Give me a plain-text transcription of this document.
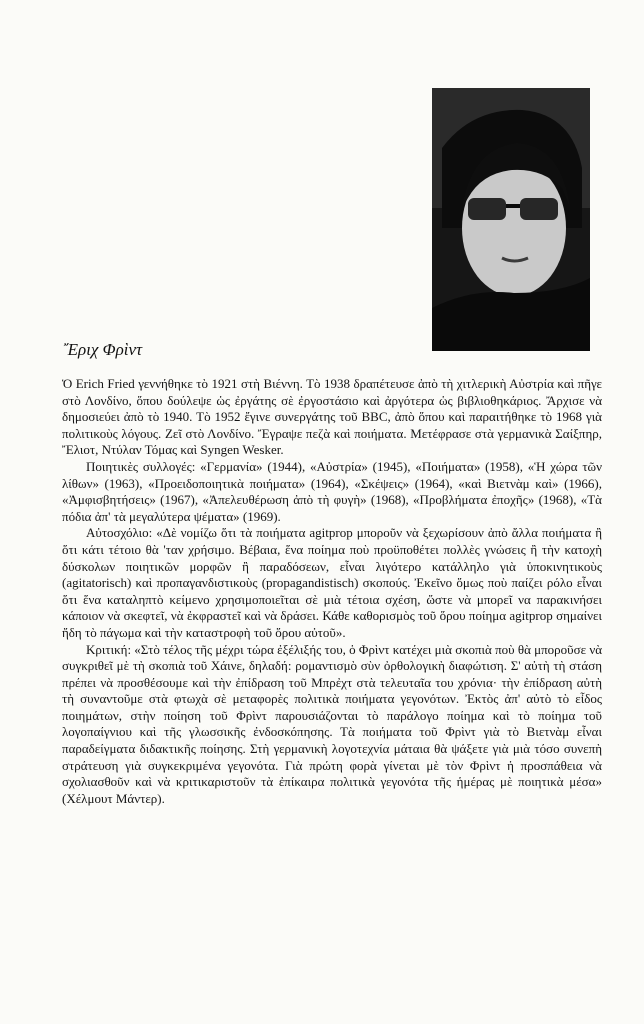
῎Εριχ Φρὶντ

Ὁ Erich Fried γεννήθηκε τὸ 1921 στὴ Βιέννη. Τὸ 1938 δραπέτευσε ἀπὸ τὴ χιτλερικὴ Αὐστρία καὶ πῆγε στὸ Λονδίνο, ὅπου δούλεψε ὡς ἐργάτης σὲ ἐργοστάσιο καὶ ἀργότερα ὡς βιβλιοθηκάριος. Ἄρχισε νὰ δημοσιεύει ἀπὸ τὸ 1940. Τὸ 1952 ἔγινε συνεργάτης τοῦ BBC, ἀπὸ ὅπου καὶ παραιτήθηκε τὸ 1968 γιὰ πολιτικοὺς λόγους. Ζεῖ στὸ Λονδίνο. Ἔγραψε πεζὰ καὶ ποιήματα. Μετέφρασε στὰ γερμανικὰ Σαίξπηρ, Ἔλιοτ, Ντύλαν Τόμας καὶ Syngen Wesker.

Ποιητικὲς συλλογές: «Γερμανία» (1944), «Αὐστρία» (1945), «Ποιήματα» (1958), «Ἡ χώρα τῶν λίθων» (1963), «Προειδοποιητικὰ ποιήματα» (1964), «Σκέψεις» (1964), «καὶ Βιετνὰμ καὶ» (1966), «Ἀμφισβητήσεις» (1967), «Ἀπελευθέρωση ἀπὸ τὴ φυγὴ» (1968), «Προβλήματα ἐποχῆς» (1968), «Τὰ πόδια ἀπ' τὰ μεγαλύτερα ψέματα» (1969).

Αὐτοσχόλιο: «Δὲ νομίζω ὅτι τὰ ποιήματα agitprop μποροῦν νὰ ξεχωρίσουν ἀπὸ ἄλλα ποιήματα ἢ ὅτι κάτι τέτοιο θὰ 'ταν χρήσιμο. Βέβαια, ἕνα ποίημα ποὺ προϋποθέτει πολλὲς γνώσεις ἢ τὴν κατοχὴ δύσκολων ποιητικῶν μορφῶν ἢ παραδόσεων, εἶναι λιγότερο κατάλληλο γιὰ ὑποκινητικοὺς (agitatorisch) καὶ προπαγανδιστικοὺς (propagandistisch) σκοπούς. Ἐκεῖνο ὅμως ποὺ παίζει ρόλο εἶναι ὅτι ἕνα καταληπτὸ κείμενο χρησιμοποιεῖται σὲ μιὰ τέτοια σχέση, ὥστε νὰ μπορεῖ να παρακινήσει κάποιον νὰ σκεφτεῖ, νὰ ἐκφραστεῖ καὶ νὰ δράσει. Κάθε καθορισμὸς τοῦ ὅρου ποίημα agitprop σημαίνει ἤδη τὸ πάγωμα καὶ τὴν καταστροφὴ τοῦ ὅρου αὐτοῦ».

Κριτική: «Στὸ τέλος τῆς μέχρι τώρα ἐξέλιξής του, ὁ Φρὶντ κατέχει μιὰ σκοπιὰ ποὺ θὰ μποροῦσε νὰ συγκριθεῖ μὲ τὴ σκοπιὰ τοῦ Χάινε, δηλαδή: ρομαντισμὸ σὺν ὀρθολογικὴ διαφώτιση. Σ' αὐτὴ τὴ στάση πρέπει νὰ προσθέσουμε καὶ τὴν ἐπίδραση τοῦ Μπρἐχτ στὰ τελευταῖα του χρόνια· τὴν ἐπίδραση αὐτὴ τὴ συναντοῦμε στὰ φτωχὰ σὲ μεταφορὲς πολιτικὰ ποιήματα γεγονότων. Ἐκτὸς ἀπ' αὐτὸ τὸ εἶδος ποιημάτων, στὴν ποίηση τοῦ Φρὶντ παρουσιάζονται τὸ παράλογο ποίημα καὶ τὸ ποίημα τοῦ λογοπαίγνιου καὶ τῆς γλωσσικῆς ἐνδοσκόπησης. Τὰ ποιήματα τοῦ Φρὶντ γιὰ τὸ Βιετνὰμ εἶναι παραδείγματα διδακτικῆς ποίησης. Στὴ γερμανικὴ λογοτεχνία μάταια θὰ ψάξετε γιὰ μιὰ τόσο συνεπὴ στράτευση γιὰ συγκεκριμένα γεγονότα. Γιὰ πρώτη φορὰ γίνεται μὲ τὸν Φρὶντ ἡ προσπάθεια νὰ σχολιασθοῦν καὶ νὰ κριτικαριστοῦν τὰ ἐπίκαιρα πολιτικὰ γεγονότα τῆς ἡμέρας μὲ ποιητικὰ μέσα» (Χέλμουτ Μάντερ).
